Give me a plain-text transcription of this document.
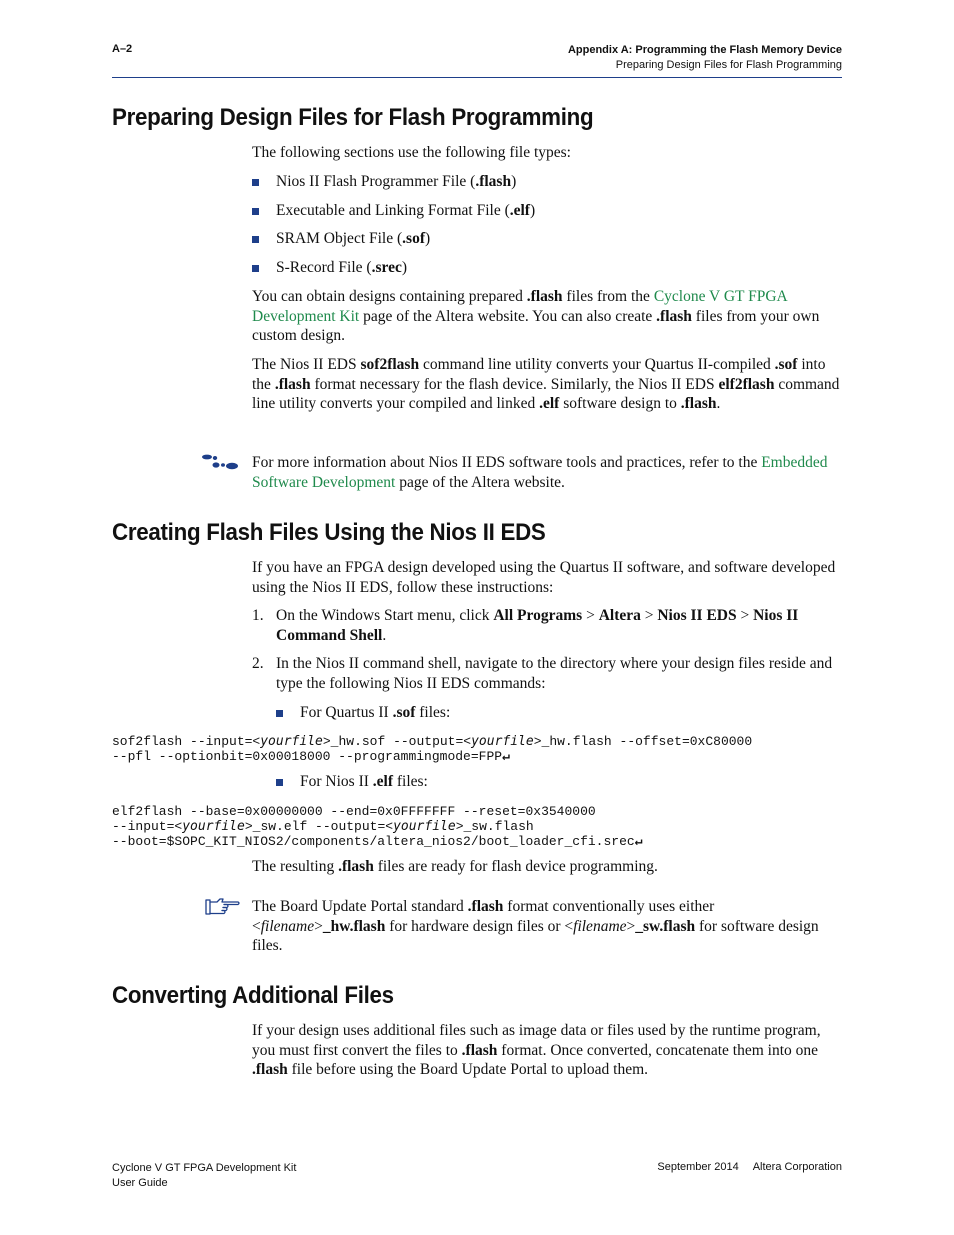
A–2	Appendix A: Programming the Flash Memory Device
Preparing Design Files for Flash Programming
Preparing Design Files for Flash Programming

The following sections use the following file types:

Nios II Flash Programmer File (.flash)
Executable and Linking Format File (.elf)
SRAM Object File (.sof)
S-Record File (.srec)

You can obtain designs containing prepared .flash files from the Cyclone V GT FPGA Development Kit page of the Altera website. You can also create .flash files from your own custom design.

The Nios II EDS sof2flash command line utility converts your Quartus II-compiled .sof into the .flash format necessary for the flash device. Similarly, the Nios II EDS elf2flash command line utility converts your compiled and linked .elf software design to .flash.

For more information about Nios II EDS software tools and practices, refer to the Embedded Software Development page of the Altera website.

Creating Flash Files Using the Nios II EDS

If you have an FPGA design developed using the Quartus II software, and software developed using the Nios II EDS, follow these instructions:

1. On the Windows Start menu, click All Programs > Altera > Nios II EDS > Nios II Command Shell.
2. In the Nios II command shell, navigate to the directory where your design files reside and type the following Nios II EDS commands:
For Quartus II .sof files:
sof2flash --input=<yourfile>_hw.sof --output=<yourfile>_hw.flash --offset=0xC80000
--pfl --optionbit=0x00018000 --programmingmode=FPP↵
For Nios II .elf files:
elf2flash --base=0x00000000 --end=0x0FFFFFFF --reset=0x3540000
--input=<yourfile>_sw.elf --output=<yourfile>_sw.flash
--boot=$SOPC_KIT_NIOS2/components/altera_nios2/boot_loader_cfi.srec↵

The resulting .flash files are ready for flash device programming.

The Board Update Portal standard .flash format conventionally uses either <filename>_hw.flash for hardware design files or <filename>_sw.flash for software design files.

Converting Additional Files

If your design uses additional files such as image data or files used by the runtime program, you must first convert the files to .flash format. Once converted, concatenate them into one .flash file before using the Board Update Portal to upload them.

Cyclone V GT FPGA Development Kit
User Guide
September 2014 Altera Corporation
